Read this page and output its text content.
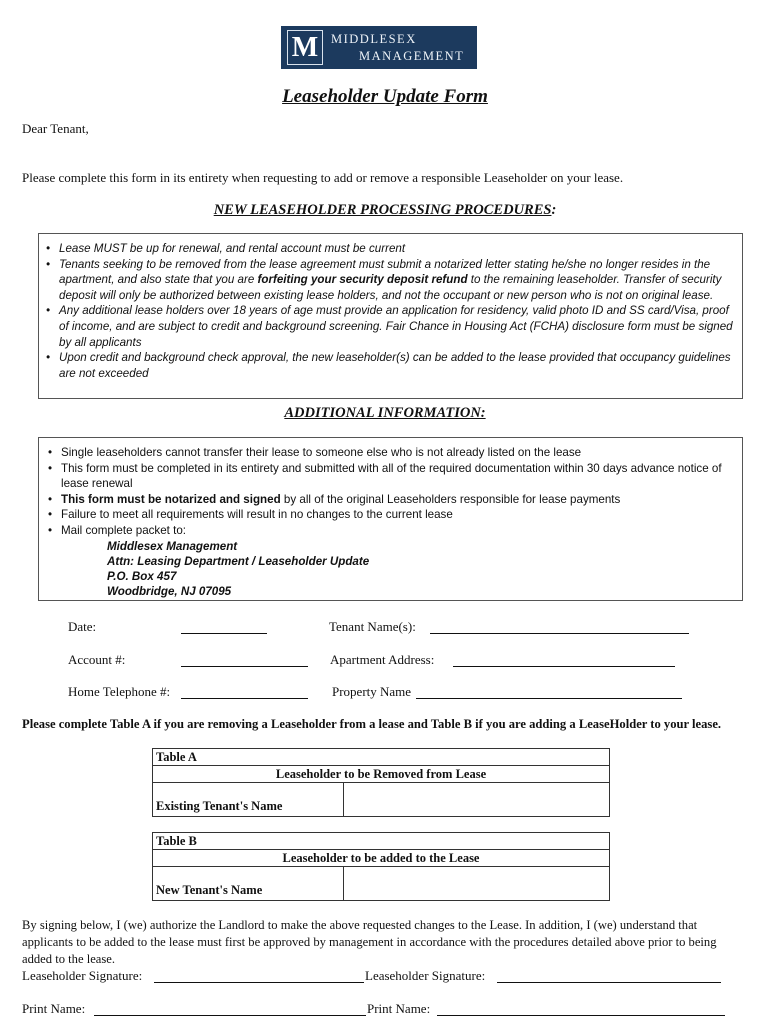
M	MIDDLESEX
MANAGEMENT
Leaseholder Update Form
Dear Tenant,
Please complete this form in its entirety when requesting to add or remove a responsible Leaseholder on your lease.
NEW LEASEHOLDER PROCESSING PROCEDURES:
• Lease MUST be up for renewal, and rental account must be current
• Tenants seeking to be removed from the lease agreement must submit a notarized letter stating he/she no longer resides in the apartment, and also state that you are forfeiting your security deposit refund to the remaining leaseholder. Transfer of security deposit will only be authorized between existing lease holders, and not the occupant or new person who is not on original lease.
• Any additional lease holders over 18 years of age must provide an application for residency, valid photo ID and SS card/Visa, proof of income, and are subject to credit and background screening. Fair Chance in Housing Act (FCHA) disclosure form must be signed by all applicants
• Upon credit and background check approval, the new leaseholder(s) can be added to the lease provided that occupancy guidelines are not exceeded
ADDITIONAL INFORMATION:
• Single leaseholders cannot transfer their lease to someone else who is not already listed on the lease
• This form must be completed in its entirety and submitted with all of the required documentation within 30 days advance notice of lease renewal
• This form must be notarized and signed by all of the original Leaseholders responsible for lease payments
• Failure to meet all requirements will result in no changes to the current lease
• Mail complete packet to:
Middlesex Management
Attn: Leasing Department / Leaseholder Update
P.O. Box 457
Woodbridge, NJ 07095
Date:	Tenant Name(s):
Account #:	Apartment Address:
Home Telephone #:	Property Name
Please complete Table A if you are removing a Leaseholder from a lease and Table B if you are adding a LeaseHolder to your lease.
Table A
Leaseholder to be Removed from Lease
Existing Tenant's Name	
Table B
Leaseholder to be added to the Lease
New Tenant's Name	
By signing below, I (we) authorize the Landlord to make the above requested changes to the Lease. In addition, I (we) understand that applicants to be added to the lease must first be approved by management in accordance with the procedures detailed above prior to being added to the lease.
Leaseholder Signature:	Leaseholder Signature:
Print Name:	Print Name:
